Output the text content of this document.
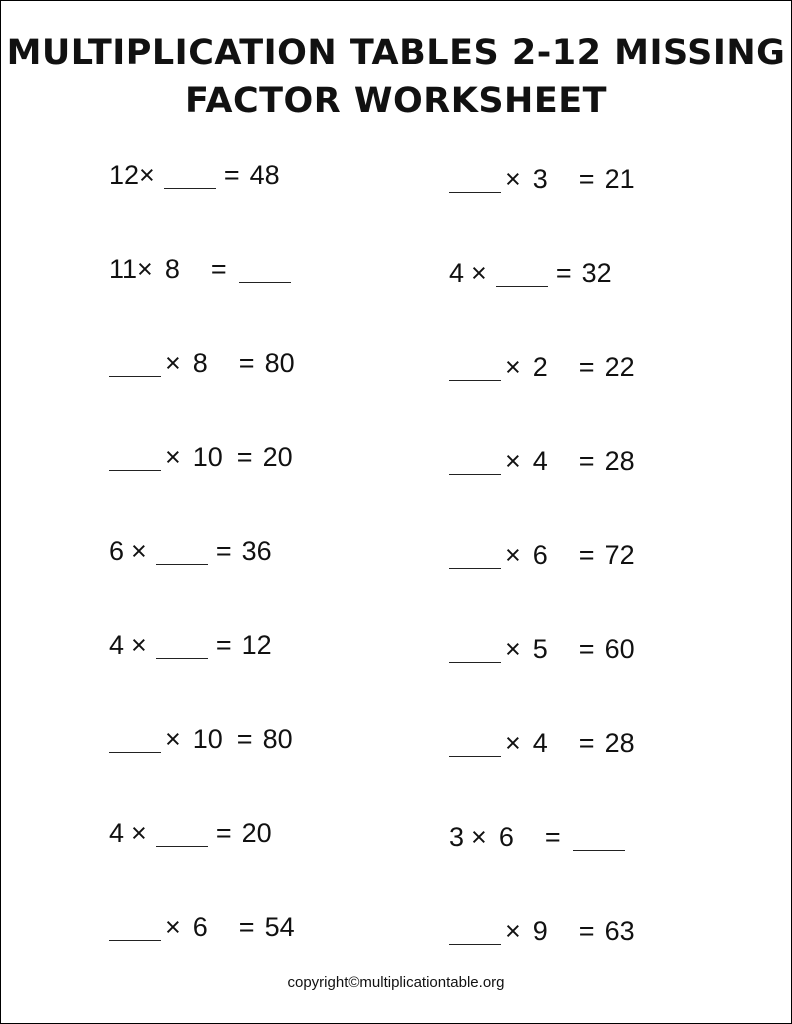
MULTIPLICATION TABLES 2-12 MISSING
FACTOR WORKSHEET
12×	= 48
11× 8 =
× 8 = 80
× 10 = 20
6 ×	= 36
4 ×	= 12
× 10 = 80
4 ×	= 20
× 6 = 54
× 3 = 21
4 ×	= 32
× 2 = 22
× 4 = 28
× 6 = 72
× 5 = 60
× 4 = 28
3 × 6 =
× 9 = 63
copyright©multiplicationtable.org
